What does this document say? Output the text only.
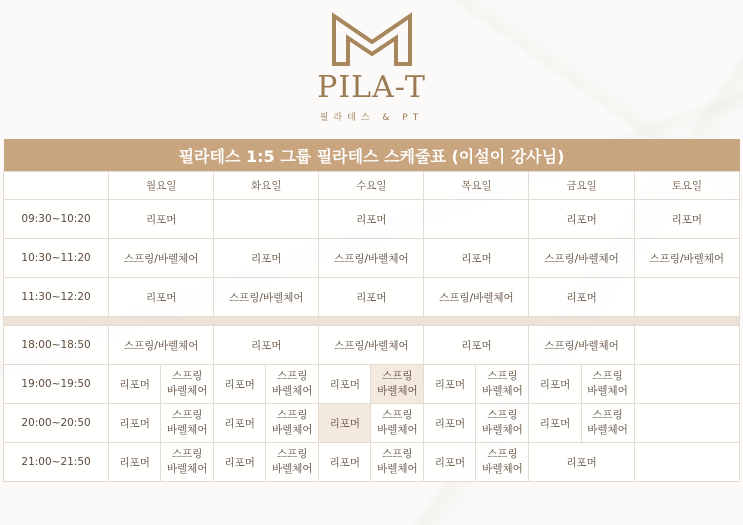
PILA-T
필라테스 & PT
필라테스 1:5 그룹 필라테스 스케줄표 (이설이 강사님)											
	월요일		화요일		수요일		목요일		금요일		토요일
09:30~10:20	리포머				리포머				리포머		리포머
10:30~11:20	스프링/바렐체어		리포머		스프링/바렐체어		리포머		스프링/바렐체어		스프링/바렐체어
11:30~12:20	리포머		스프링/바렐체어		리포머		스프링/바렐체어		리포머		

18:00~18:50	스프링/바렐체어		리포머		스프링/바렐체어		리포머		스프링/바렐체어		
19:00~19:50	리포머	스프링
바렐체어	리포머	스프링
바렐체어	리포머	스프링
바렐체어	리포머	스프링
바렐체어	리포머	스프링
바렐체어	
20:00~20:50	리포머	스프링
바렐체어	리포머	스프링
바렐체어	리포머	스프링
바렐체어	리포머	스프링
바렐체어	리포머	스프링
바렐체어	
21:00~21:50	리포머	스프링
바렐체어	리포머	스프링
바렐체어	리포머	스프링
바렐체어	리포머	스프링
바렐체어	리포머		
